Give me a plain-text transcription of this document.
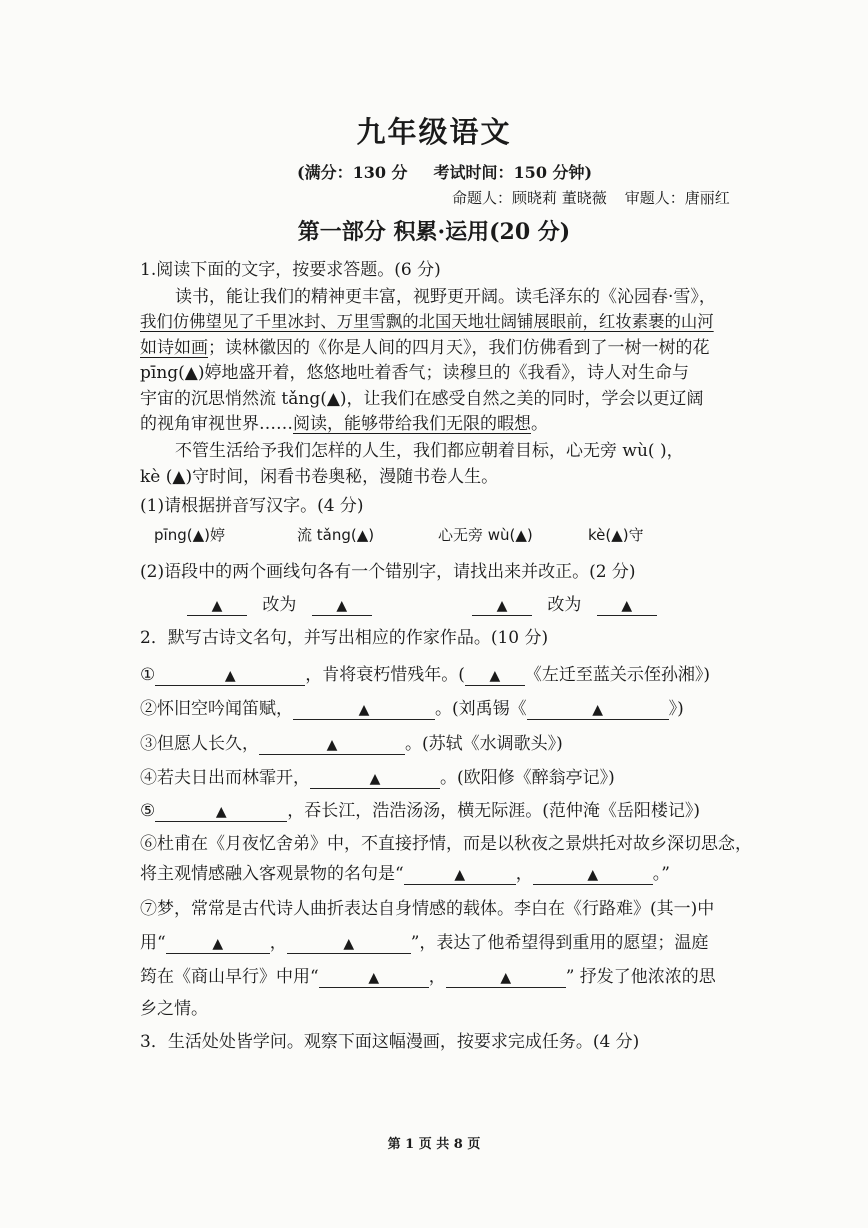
九年级语文
(满分：130 分 考试时间：150 分钟)
命题人：顾晓莉 董晓薇 审题人：唐丽红
第一部分 积累·运用(20 分)
1.阅读下面的文字，按要求答题。(6 分)
读书，能让我们的精神更丰富，视野更开阔。读毛泽东的《沁园春·雪》，
我们仿佛望见了千里冰封、万里雪飘的北国天地壮阔铺展眼前，红妆素裹的山河
如诗如画；读林徽因的《你是人间的四月天》，我们仿佛看到了一树一树的花
pīng(▲)婷地盛开着，悠悠地吐着香气；读穆旦的《我看》，诗人对生命与
宇宙的沉思悄然流 tǎng(▲)，让我们在感受自然之美的同时，学会以更辽阔
的视角审视世界……阅读，能够带给我们无限的暇想。
不管生活给予我们怎样的人生，我们都应朝着目标，心无旁 wù( )，
kè (▲)守时间，闲看书卷奥秘，漫随书卷人生。
(1)请根据拼音写汉字。(4 分)
pīng(▲)婷	流 tǎng(▲)	心无旁 wù(▲)	kè(▲)守
(2)语段中的两个画线句各有一个错别字，请找出来并改正。(2 分)
▲ 改为	▲	▲ 改为	▲
2．默写古诗文名句，并写出相应的作家作品。(10 分)
①	▲	，肯将衰朽惜残年。( ▲ 《左迁至蓝关示侄孙湘》)
②怀旧空吟闻笛赋，	▲	。(刘禹锡《	▲	》)
③但愿人长久，	▲	。(苏轼《水调歌头》)
④若夫日出而林霏开，	▲	。(欧阳修《醉翁亭记》)
⑤	▲	，吞长江，浩浩汤汤，横无际涯。(范仲淹《岳阳楼记》)
⑥杜甫在《月夜忆舍弟》中，不直接抒情，而是以秋夜之景烘托对故乡深切思念，
将主观情感融入客观景物的名句是“	▲	，	▲	。”
⑦梦，常常是古代诗人曲折表达自身情感的载体。李白在《行路难》(其一)中
用“	▲	，	▲	”，表达了他希望得到重用的愿望；温庭
筠在《商山早行》中用“	▲	，	▲	” 抒发了他浓浓的思
乡之情。
3．生活处处皆学问。观察下面这幅漫画，按要求完成任务。(4 分)
第 1 页 共 8 页
